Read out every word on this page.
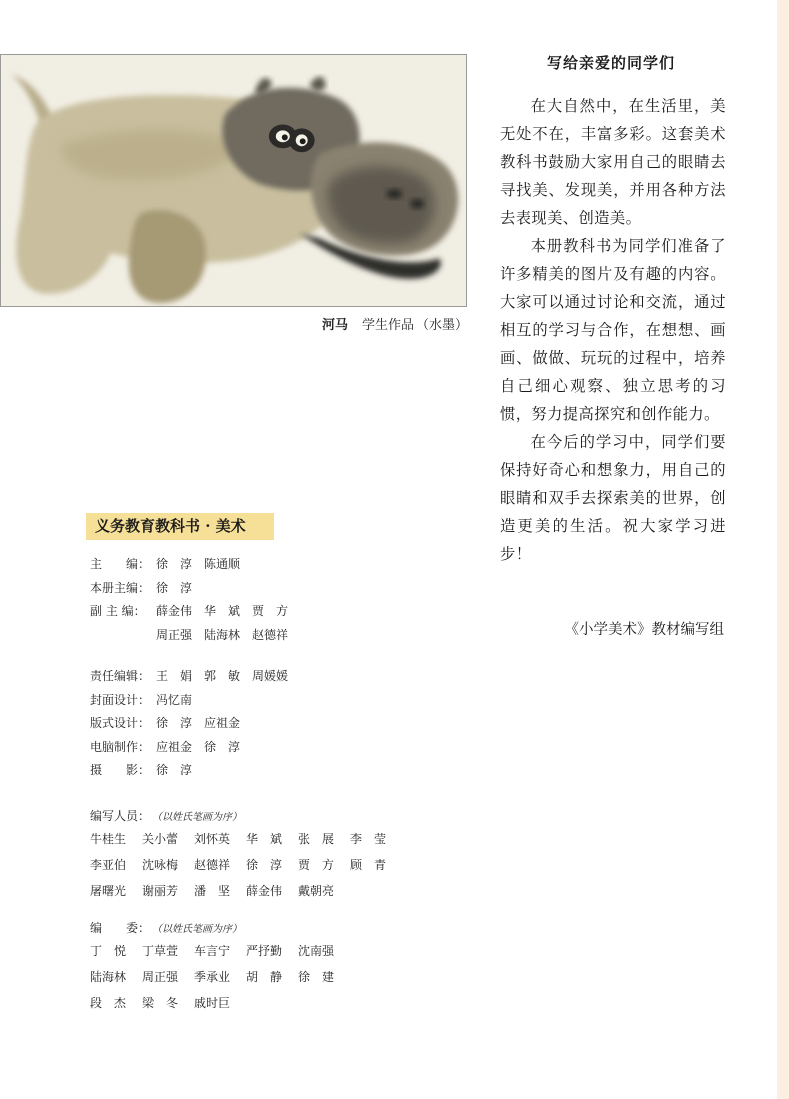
河马 学生作品 （水墨）
写给亲爱的同学们

在大自然中，在生活里，美无处不在，丰富多彩。这套美术教科书鼓励大家用自己的眼睛去寻找美、发现美，并用各种方法去表现美、创造美。

本册教科书为同学们准备了许多精美的图片及有趣的内容。大家可以通过讨论和交流，通过相互的学习与合作，在想想、画画、做做、玩玩的过程中，培养自己细心观察、独立思考的习惯，努力提高探究和创作能力。

在今后的学习中，同学们要保持好奇心和想象力，用自己的眼睛和双手去探索美的世界，创造更美的生活。祝大家学习进步！

《小学美术》教材编写组
义务教育教科书 · 美术
主　　编： 徐　淳　陈通顺
本册主编： 徐　淳
副 主 编： 薛金伟　华　斌　贾　方
周正强　陆海林　赵德祥
责任编辑： 王　娟　郭　敏　周媛媛
封面设计： 冯忆南
版式设计： 徐　淳　应祖金
电脑制作： 应祖金　徐　淳
摄　　影： 徐　淳
编写人员： （以姓氏笔画为序）
牛桂生	关小蕾	刘怀英	华　斌	张　展	李　莹
李亚伯	沈咏梅	赵德祥	徐　淳	贾　方	顾　青
屠曙光	谢丽芳	潘　坚	薛金伟	戴朝亮
编　　委： （以姓氏笔画为序）
丁　悦	丁草萱	车言宁	严抒勤	沈南强
陆海林	周正强	季承业	胡　静	徐　建
段　杰	梁　冬	戚时巨
